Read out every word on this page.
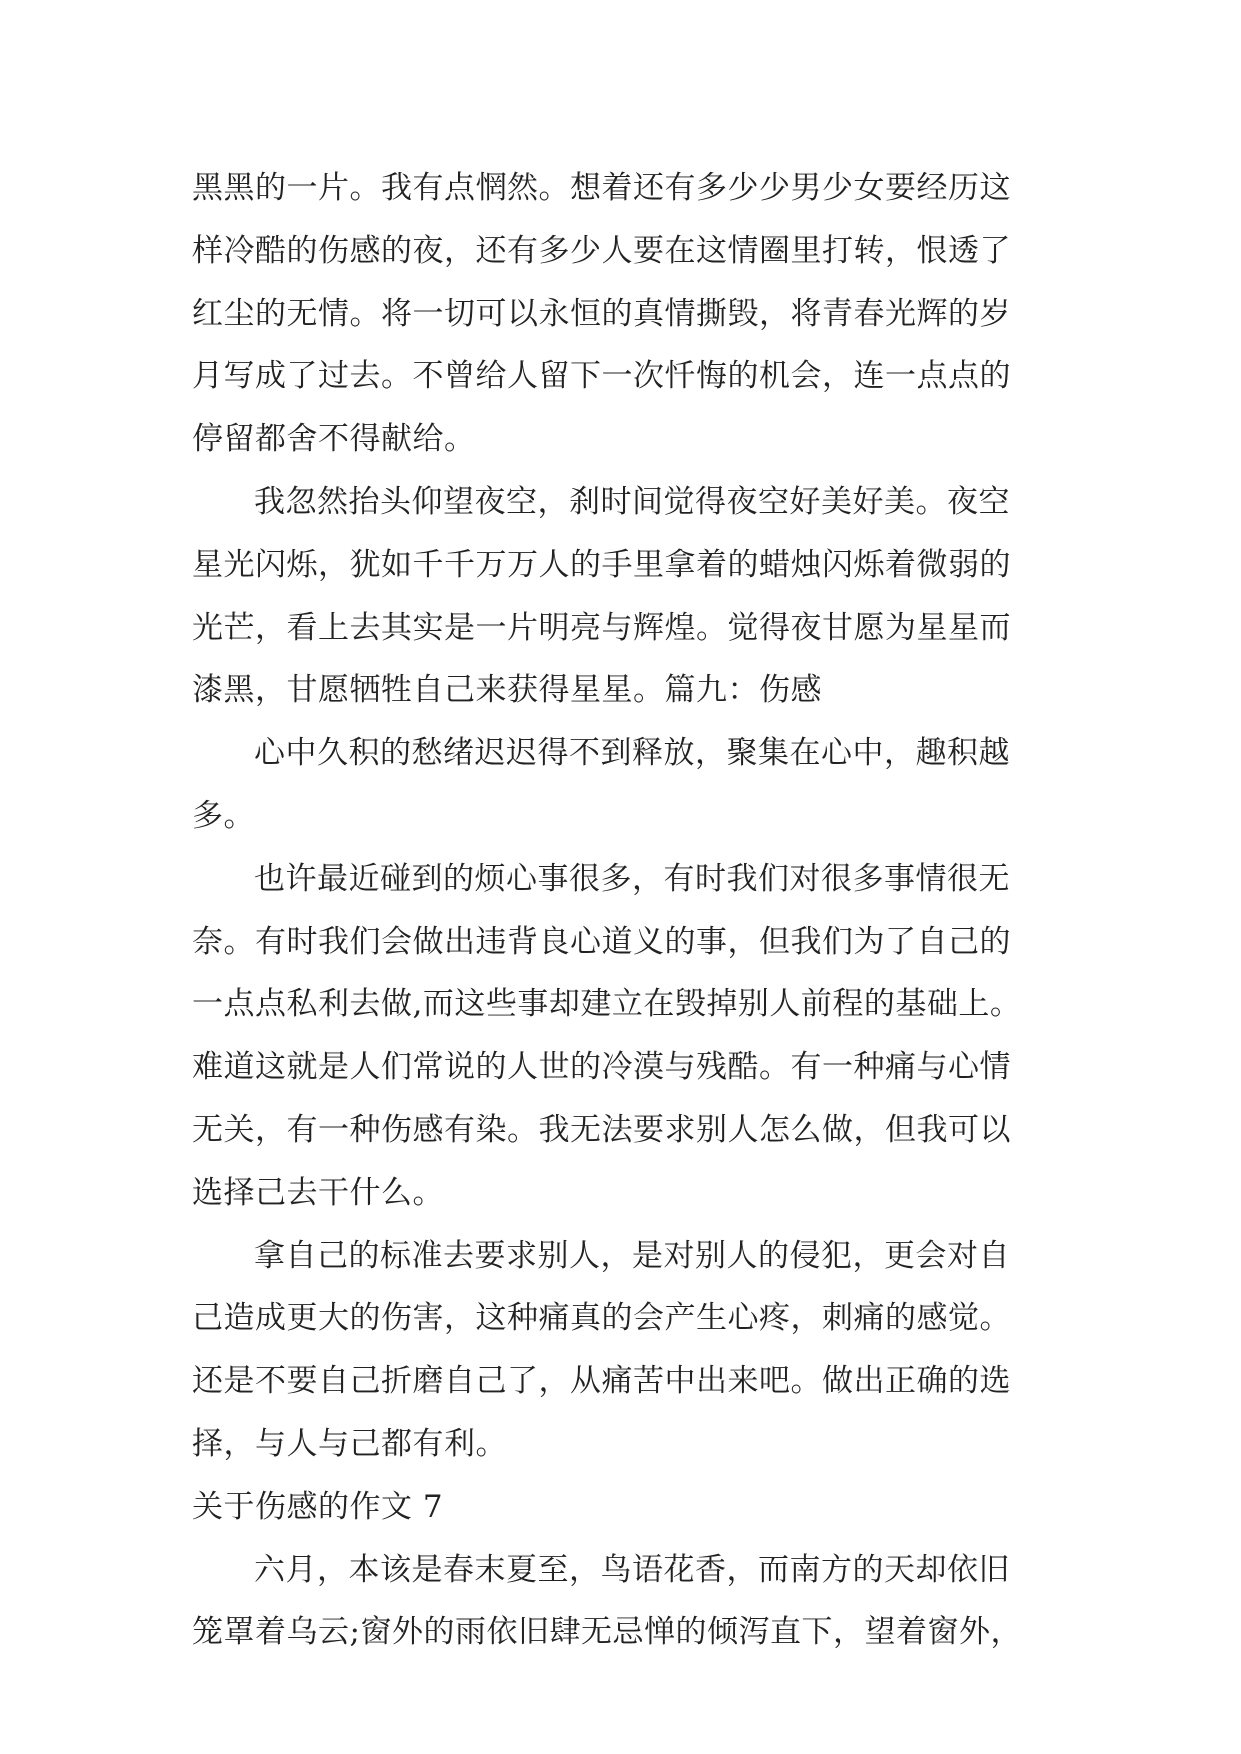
黑黑的一片。我有点惘然。想着还有多少少男少女要经历这
样冷酷的伤感的夜，还有多少人要在这情圈里打转，恨透了
红尘的无情。将一切可以永恒的真情撕毁，将青春光辉的岁
月写成了过去。不曾给人留下一次忏悔的机会，连一点点的
停留都舍不得献给。
我忽然抬头仰望夜空，刹时间觉得夜空好美好美。夜空
星光闪烁，犹如千千万万人的手里拿着的蜡烛闪烁着微弱的
光芒，看上去其实是一片明亮与辉煌。觉得夜甘愿为星星而
漆黑，甘愿牺牲自己来获得星星。篇九：伤感
心中久积的愁绪迟迟得不到释放，聚集在心中，趣积越
多。
也许最近碰到的烦心事很多，有时我们对很多事情很无
奈。有时我们会做出违背良心道义的事，但我们为了自己的
一点点私利去做,而这些事却建立在毁掉别人前程的基础上。
难道这就是人们常说的人世的冷漠与残酷。有一种痛与心情
无关，有一种伤感有染。我无法要求别人怎么做，但我可以
选择己去干什么。
拿自己的标准去要求别人，是对别人的侵犯，更会对自
己造成更大的伤害，这种痛真的会产生心疼，刺痛的感觉。
还是不要自己折磨自己了，从痛苦中出来吧。做出正确的选
择，与人与己都有利。
关于伤感的作文 7
六月，本该是春末夏至，鸟语花香，而南方的天却依旧
笼罩着乌云;窗外的雨依旧肆无忌惮的倾泻直下，望着窗外，
